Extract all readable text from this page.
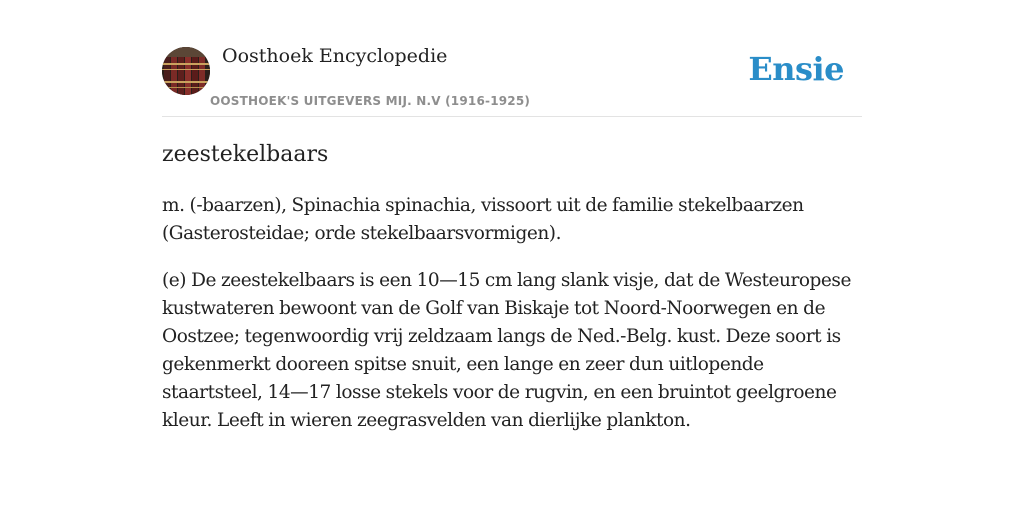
Oosthoek Encyclopedie
OOSTHOEK'S UITGEVERS MIJ. N.V (1916-1925)
Ensie
zeestekelbaars

m. (-baarzen), Spinachia spinachia, vissoort uit de familie stekelbaarzen (Gasterosteidae; orde stekelbaarsvormigen).

(e) De zeestekelbaars is een 10—15 cm lang slank visje, dat de Westeuropese kustwateren bewoont van de Golf van Biskaje tot Noord-Noorwegen en de Oostzee; tegenwoordig vrij zeldzaam langs de Ned.-Belg. kust. Deze soort is gekenmerkt dooreen spitse snuit, een lange en zeer dun uitlopende staartsteel, 14—17 losse stekels voor de rugvin, en een bruintot geelgroene kleur. Leeft in wieren zeegrasvelden van dierlijke plankton.
